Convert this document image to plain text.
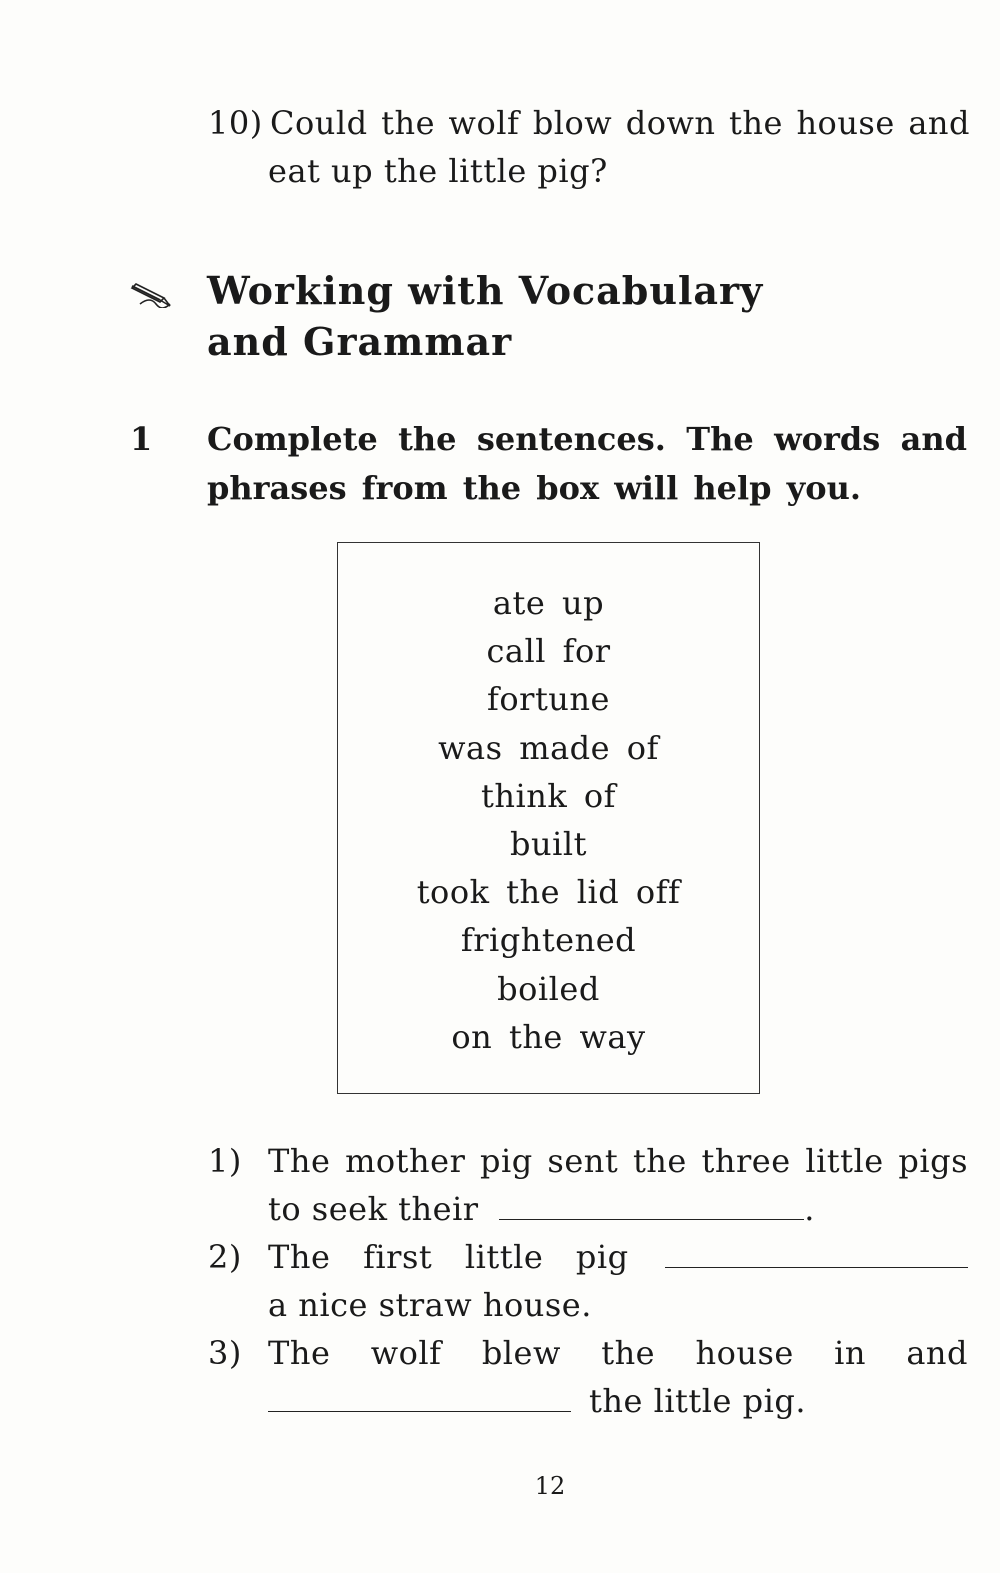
10) Could the wolf blow down the house and
eat up the little pig?
Working with Vocabulary
and Grammar
1 Complete the sentences. The words and
phrases from the box will help you.
ate up
call for
fortune
was made of
think of
built
took the lid off
frightened
boiled
on the way
1) The mother pig sent the three little pigs
to seek their	.
2) The first little pig
a nice straw house.
3) The wolf blew the house in and
the little pig.
12
